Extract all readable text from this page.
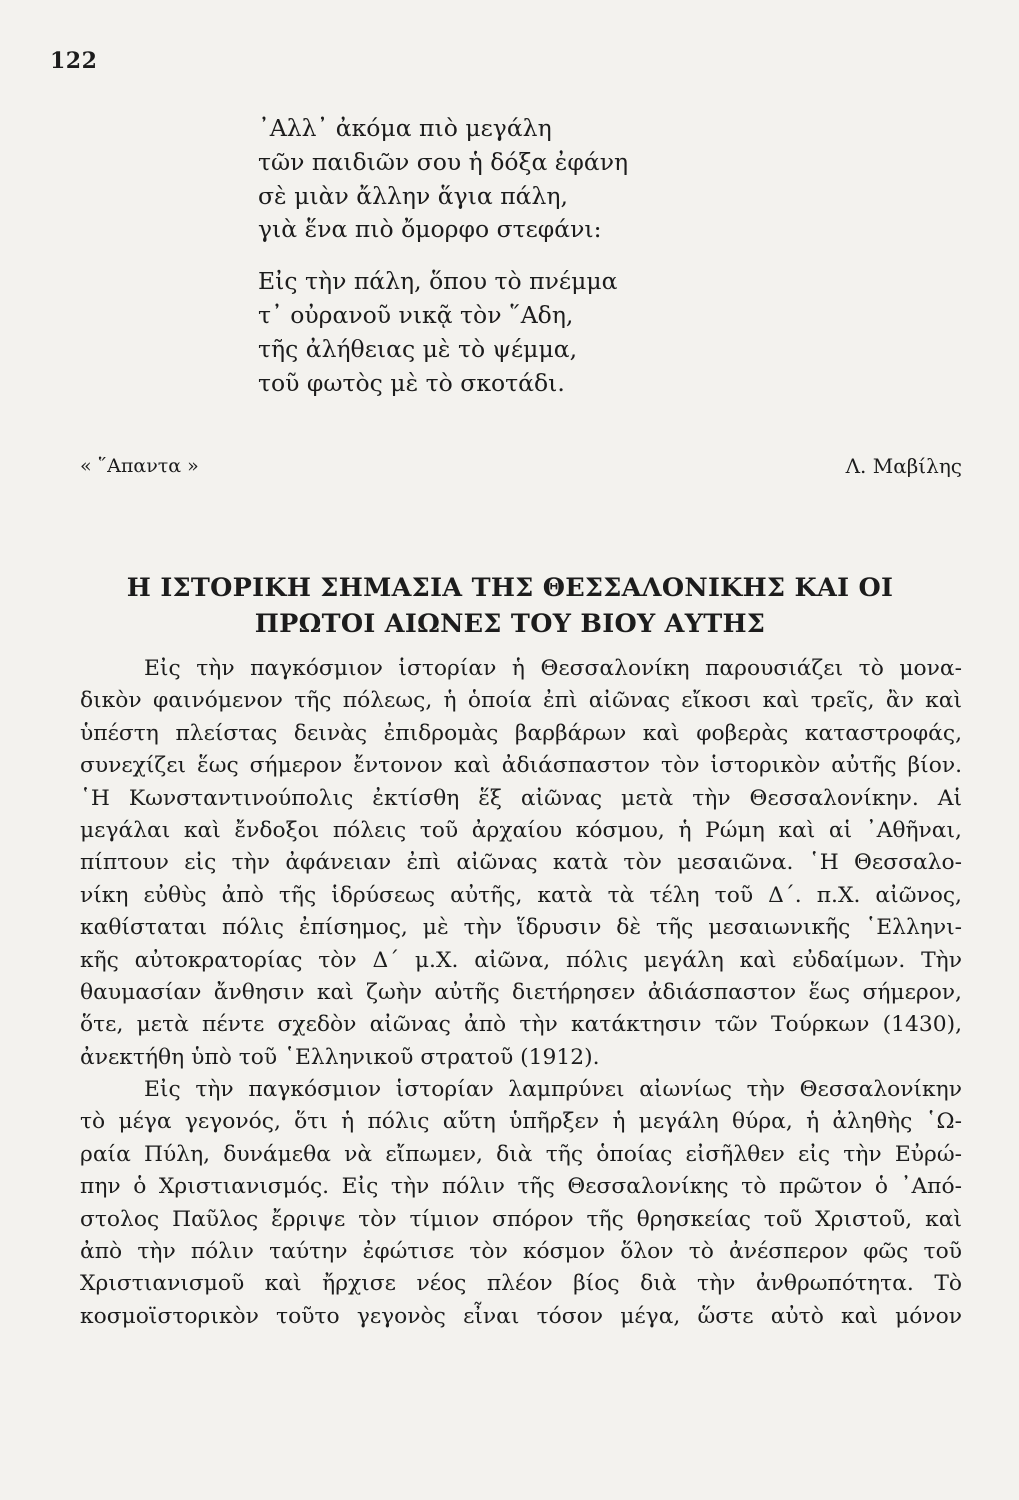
122

᾿Αλλ᾿ ἀκόμα πιὸ μεγάλη
τῶν παιδιῶν σου ἡ δόξα ἐφάνη
σὲ μιὰν ἄλλην ἅγια πάλη,
γιὰ ἕνα πιὸ ὄμορφο στεφάνι:

Εἰς τὴν πάλη, ὅπου τὸ πνέμμα
τ᾿ οὐρανοῦ νικᾷ τὸν ῞Αδη,
τῆς ἀλήθειας μὲ τὸ ψέμμα,
τοῦ φωτὸς μὲ τὸ σκοτάδι.

« ῞Απαντα »	Λ. Μαβίλης
Η ΙΣΤΟΡΙΚΗ ΣΗΜΑΣΙΑ ΤΗΣ ΘΕΣΣΑΛΟΝΙΚΗΣ ΚΑΙ ΟΙ
ΠΡΩΤΟΙ ΑΙΩΝΕΣ ΤΟΥ ΒΙΟΥ ΑΥΤΗΣ
Εἰς τὴν παγκόσμιον ἱστορίαν ἡ Θεσσαλονίκη παρουσιάζει τὸ μονα-
δικὸν φαινόμενον τῆς πόλεως, ἡ ὁποία ἐπὶ αἰῶνας εἴκοσι καὶ τρεῖς, ἂν καὶ
ὑπέστη πλείστας δεινὰς ἐπιδρομὰς βαρβάρων καὶ φοβερὰς καταστροφάς,
συνεχίζει ἕως σήμερον ἔντονον καὶ ἀδιάσπαστον τὸν ἱστορικὸν αὐτῆς βίον.
῾Η Κωνσταντινούπολις ἐκτίσθη ἕξ αἰῶνας μετὰ τὴν Θεσσαλονίκην. Αἱ
μεγάλαι καὶ ἔνδοξοι πόλεις τοῦ ἀρχαίου κόσμου, ἡ Ρώμη καὶ αἱ ᾿Αθῆναι,
πίπτουν εἰς τὴν ἀφάνειαν ἐπὶ αἰῶνας κατὰ τὸν μεσαιῶνα. ῾Η Θεσσαλο-
νίκη εὐθὺς ἀπὸ τῆς ἱδρύσεως αὐτῆς, κατὰ τὰ τέλη τοῦ Δ΄. π.Χ. αἰῶνος,
καθίσταται πόλις ἐπίσημος, μὲ τὴν ἵδρυσιν δὲ τῆς μεσαιωνικῆς ῾Ελληνι-
κῆς αὐτοκρατορίας τὸν Δ΄ μ.Χ. αἰῶνα, πόλις μεγάλη καὶ εὐδαίμων. Τὴν
θαυμασίαν ἄνθησιν καὶ ζωὴν αὐτῆς διετήρησεν ἀδιάσπαστον ἕως σήμερον,
ὅτε, μετὰ πέντε σχεδὸν αἰῶνας ἀπὸ τὴν κατάκτησιν τῶν Τούρκων (1430),
ἀνεκτήθη ὑπὸ τοῦ ῾Ελληνικοῦ στρατοῦ (1912).
Εἰς τὴν παγκόσμιον ἱστορίαν λαμπρύνει αἰωνίως τὴν Θεσσαλονίκην
τὸ μέγα γεγονός, ὅτι ἡ πόλις αὕτη ὑπῆρξεν ἡ μεγάλη θύρα, ἡ ἀληθὴς ῾Ω-
ραία Πύλη, δυνάμεθα νὰ εἴπωμεν, διὰ τῆς ὁποίας εἰσῆλθεν εἰς τὴν Εὐρώ-
πην ὁ Χριστιανισμός. Εἰς τὴν πόλιν τῆς Θεσσαλονίκης τὸ πρῶτον ὁ ᾿Από-
στολος Παῦλος ἔρριψε τὸν τίμιον σπόρον τῆς θρησκείας τοῦ Χριστοῦ, καὶ
ἀπὸ τὴν πόλιν ταύτην ἐφώτισε τὸν κόσμον ὅλον τὸ ἀνέσπερον φῶς τοῦ
Χριστιανισμοῦ καὶ ἤρχισε νέος πλέον βίος διὰ τὴν ἀνθρωπότητα. Τὸ
κοσμοϊστορικὸν τοῦτο γεγονὸς εἶναι τόσον μέγα, ὥστε αὐτὸ καὶ μόνον
